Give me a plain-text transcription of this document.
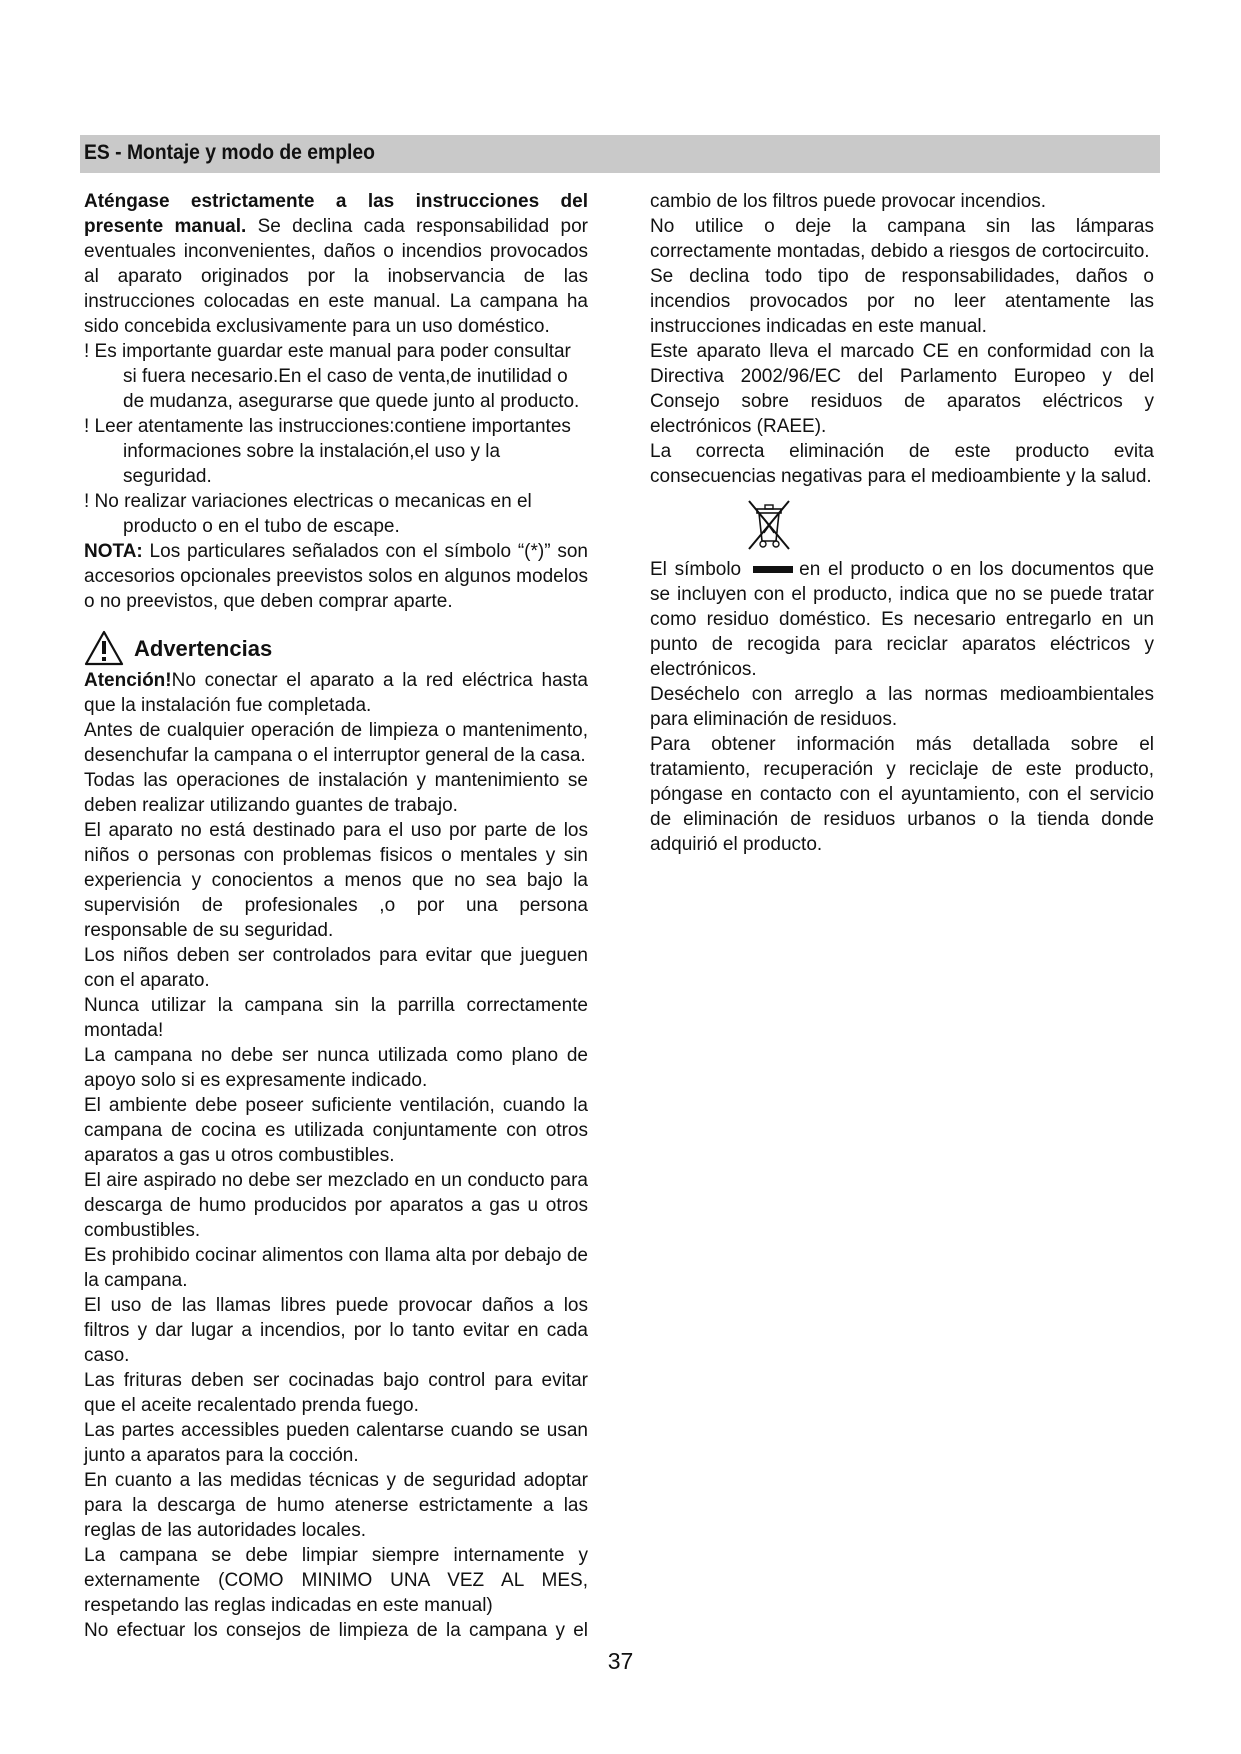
ES - Montaje y modo de empleo

Aténgase estrictamente a las instrucciones del presente manual. Se declina cada responsabilidad por eventuales inconvenientes, daños o incendios provocados al aparato originados por la inobservancia de las instrucciones colocadas en este manual. La campana ha sido concebida exclusivamente para un uso doméstico.

! Es importante guardar este manual para poder consultar
si fuera necesario.En el caso de venta,de inutilidad o de mudanza, asegurarse que quede junto al producto.
! Leer atentamente las instrucciones:contiene importantes
informaciones sobre la instalación,el uso y la seguridad.
! No realizar variaciones electricas o mecanicas en el
producto o en el tubo de escape.

NOTA: Los particulares señalados con el símbolo “(*)” son accesorios opcionales preevistos solos en algunos modelos o no preevistos, que deben comprar aparte.

Advertencias

Atención!No conectar el aparato a la red eléctrica hasta que la instalación fue completada.

Antes de cualquier operación de limpieza o mantenimento, desenchufar la campana o el interruptor general de la casa.

Todas las operaciones de instalación y mantenimiento se deben realizar utilizando guantes de trabajo.

El aparato no está destinado para el uso por parte de los niños o personas con problemas fisicos o mentales y sin experiencia y conocientos a menos que no sea bajo la supervisión de profesionales ,o por una persona responsable de su seguridad.

Los niños deben ser controlados para evitar que jueguen con el aparato.

Nunca utilizar la campana sin la parrilla correctamente montada!

La campana no debe ser nunca utilizada como plano de apoyo solo si es expresamente indicado.

El ambiente debe poseer suficiente ventilación, cuando la campana de cocina es utilizada conjuntamente con otros aparatos a gas u otros combustibles.

El aire aspirado no debe ser mezclado en un conducto para descarga de humo producidos por aparatos a gas u otros combustibles.

Es prohibido cocinar alimentos con llama alta por debajo de la campana.

El uso de las llamas libres puede provocar daños a los filtros y dar lugar a incendios, por lo tanto evitar en cada caso.

Las frituras deben ser cocinadas bajo control para evitar que el aceite recalentado prenda fuego.

Las partes accessibles pueden calentarse cuando se usan junto a aparatos para la cocción.

En cuanto a las medidas técnicas y de seguridad adoptar para la descarga de humo atenerse estrictamente a las reglas de las autoridades locales.

La campana se debe limpiar siempre internamente y externamente (COMO MINIMO UNA VEZ AL MES, respetando las reglas indicadas en este manual)

No efectuar los consejos de limpieza de la campana y el

cambio de los filtros puede provocar incendios.

No utilice o deje la campana sin las lámparas correctamente montadas, debido a riesgos de cortocircuito.

Se declina todo tipo de responsabilidades, daños o incendios provocados por no leer atentamente las instrucciones indicadas en este manual.

Este aparato lleva el marcado CE en conformidad con la Directiva 2002/96/EC del Parlamento Europeo y del Consejo sobre residuos de aparatos eléctricos y electrónicos (RAEE).

La correcta eliminación de este producto evita consecuencias negativas para el medioambiente y la salud.

El símbolo	en el producto o en los documentos que se incluyen con el producto, indica que no se puede tratar como residuo doméstico. Es necesario entregarlo en un punto de recogida para reciclar aparatos eléctricos y electrónicos.

Deséchelo con arreglo a las normas medioambientales para eliminación de residuos.

Para obtener información más detallada sobre el tratamiento, recuperación y reciclaje de este producto, póngase en contacto con el ayuntamiento, con el servicio de eliminación de residuos urbanos o la tienda donde adquirió el producto.

37
